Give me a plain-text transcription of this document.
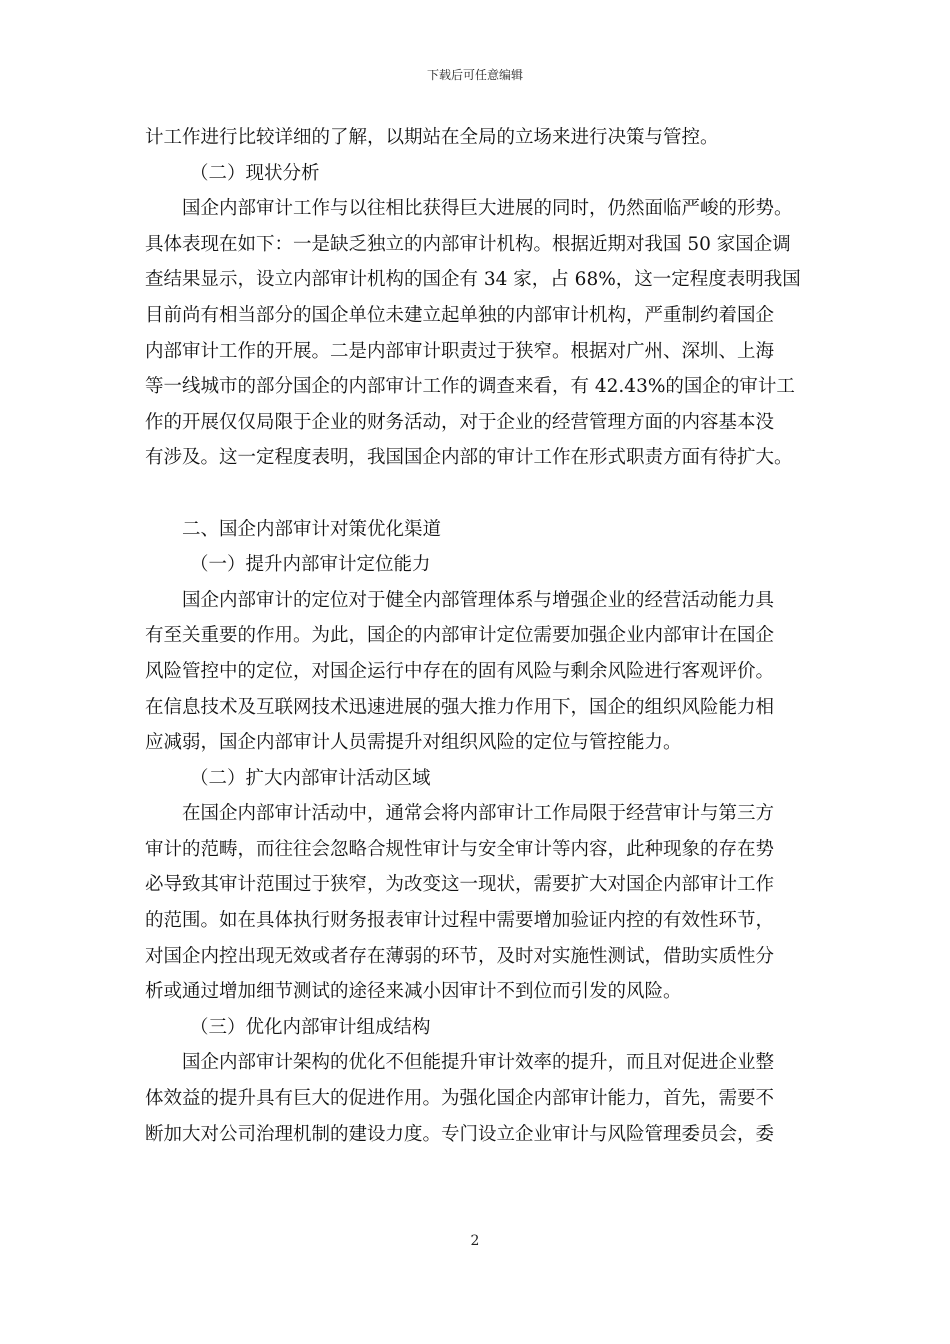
下载后可任意编辑
计工作进行比较详细的了解，以期站在全局的立场来进行决策与管控。
（二）现状分析
国企内部审计工作与以往相比获得巨大进展的同时，仍然面临严峻的形势。
具体表现在如下：一是缺乏独立的内部审计机构。根据近期对我国 50 家国企调
查结果显示，设立内部审计机构的国企有 34 家，占 68%，这一定程度表明我国
目前尚有相当部分的国企单位未建立起单独的内部审计机构，严重制约着国企
内部审计工作的开展。二是内部审计职责过于狭窄。根据对广州、深圳、上海
等一线城市的部分国企的内部审计工作的调查来看，有 42.43%的国企的审计工
作的开展仅仅局限于企业的财务活动，对于企业的经营管理方面的内容基本没
有涉及。这一定程度表明，我国国企内部的审计工作在形式职责方面有待扩大。
二、国企内部审计对策优化渠道
（一）提升内部审计定位能力
国企内部审计的定位对于健全内部管理体系与增强企业的经营活动能力具
有至关重要的作用。为此，国企的内部审计定位需要加强企业内部审计在国企
风险管控中的定位，对国企运行中存在的固有风险与剩余风险进行客观评价。
在信息技术及互联网技术迅速进展的强大推力作用下，国企的组织风险能力相
应减弱，国企内部审计人员需提升对组织风险的定位与管控能力。
（二）扩大内部审计活动区域
在国企内部审计活动中，通常会将内部审计工作局限于经营审计与第三方
审计的范畴，而往往会忽略合规性审计与安全审计等内容，此种现象的存在势
必导致其审计范围过于狭窄，为改变这一现状，需要扩大对国企内部审计工作
的范围。如在具体执行财务报表审计过程中需要增加验证内控的有效性环节，
对国企内控出现无效或者存在薄弱的环节，及时对实施性测试，借助实质性分
析或通过增加细节测试的途径来减小因审计不到位而引发的风险。
（三）优化内部审计组成结构
国企内部审计架构的优化不但能提升审计效率的提升，而且对促进企业整
体效益的提升具有巨大的促进作用。为强化国企内部审计能力，首先，需要不
断加大对公司治理机制的建设力度。专门设立企业审计与风险管理委员会，委
2
